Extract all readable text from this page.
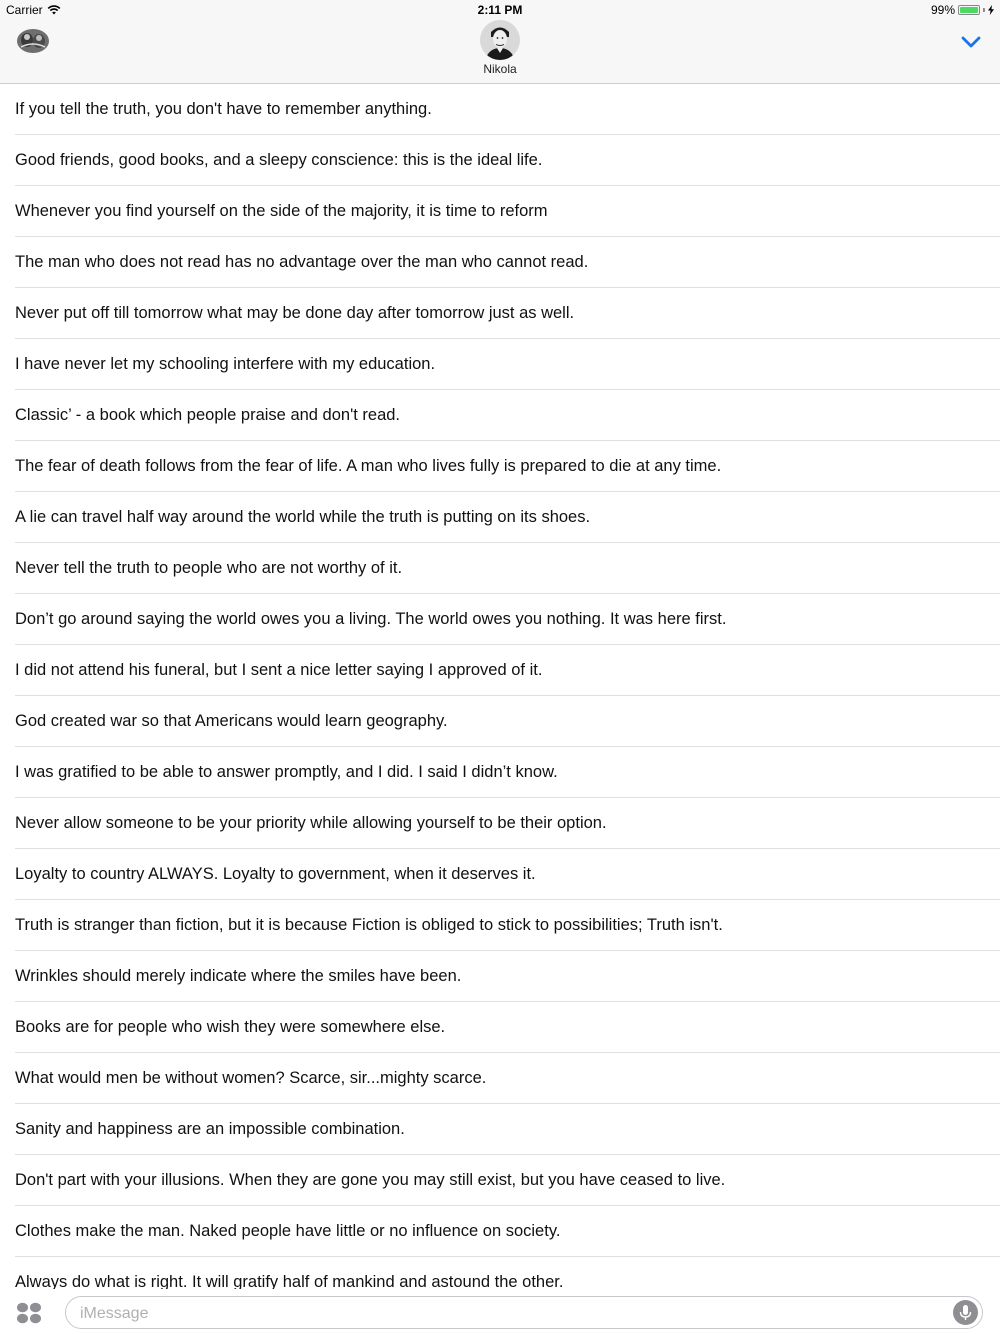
Carrier	2:11 PM	99%
Nikola
If you tell the truth, you don't have to remember anything.
Good friends, good books, and a sleepy conscience: this is the ideal life.
Whenever you find yourself on the side of the majority, it is time to reform
The man who does not read has no advantage over the man who cannot read.
Never put off till tomorrow what may be done day after tomorrow just as well.
I have never let my schooling interfere with my education.
Classic’ - a book which people praise and don't read.
The fear of death follows from the fear of life. A man who lives fully is prepared to die at any time.
A lie can travel half way around the world while the truth is putting on its shoes.
Never tell the truth to people who are not worthy of it.
Don’t go around saying the world owes you a living. The world owes you nothing. It was here first.
I did not attend his funeral, but I sent a nice letter saying I approved of it.
God created war so that Americans would learn geography.
I was gratified to be able to answer promptly, and I did. I said I didn’t know.
Never allow someone to be your priority while allowing yourself to be their option.
Loyalty to country ALWAYS. Loyalty to government, when it deserves it.
Truth is stranger than fiction, but it is because Fiction is obliged to stick to possibilities; Truth isn't.
Wrinkles should merely indicate where the smiles have been.
Books are for people who wish they were somewhere else.
What would men be without women? Scarce, sir...mighty scarce.
Sanity and happiness are an impossible combination.
Don't part with your illusions. When they are gone you may still exist, but you have ceased to live.
Clothes make the man. Naked people have little or no influence on society.
Always do what is right. It will gratify half of mankind and astound the other.
iMessage
